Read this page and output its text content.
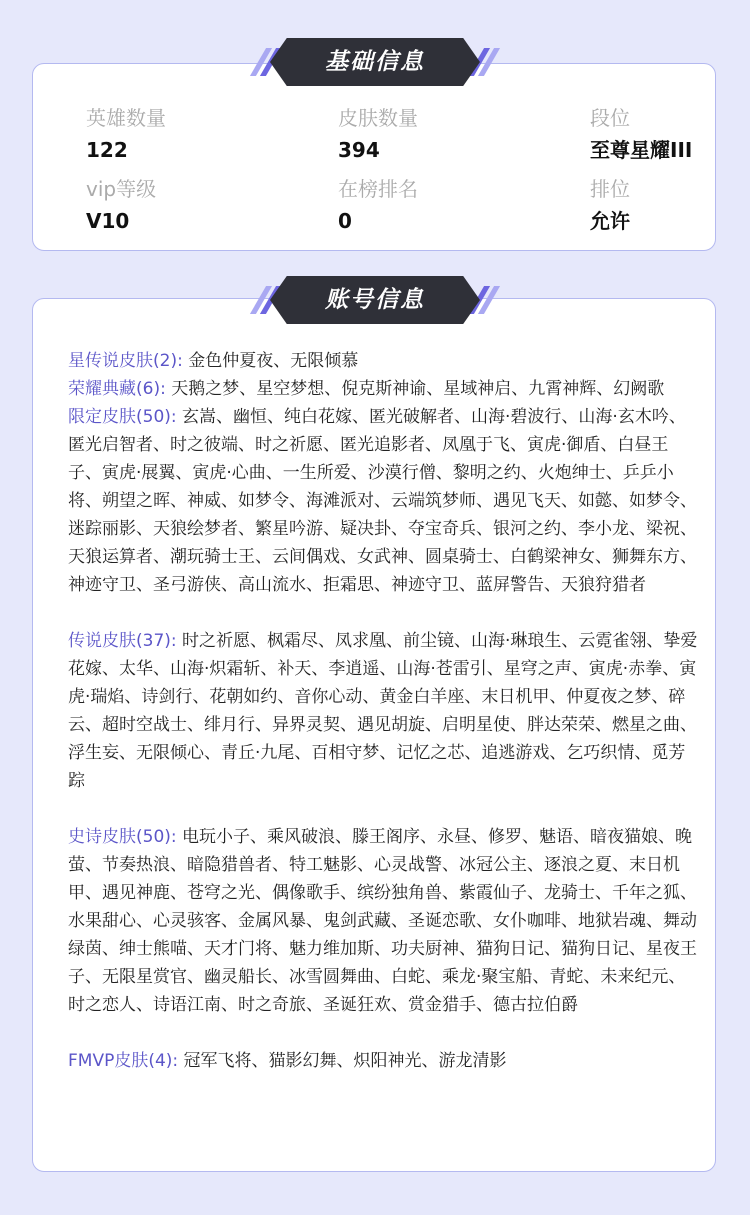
英雄数量
122
皮肤数量
394
段位
至尊星耀III
vip等级
V10
在榜排名
0
排位
允许
基础信息
账号信息

星传说皮肤(2): 金色仲夏夜、无限倾慕

荣耀典藏(6): 天鹅之梦、星空梦想、倪克斯神谕、星域神启、九霄神辉、幻阙歌

限定皮肤(50): 玄嵩、幽恒、纯白花嫁、匿光破解者、山海·碧波行、山海·玄木吟、匿光启智者、时之彼端、时之祈愿、匿光追影者、凤凰于飞、寅虎·御盾、白昼王子、寅虎·展翼、寅虎·心曲、一生所爱、沙漠行僧、黎明之约、火炮绅士、乒乒小将、朔望之晖、神威、如梦令、海滩派对、云端筑梦师、遇见飞天、如懿、如梦令、迷踪丽影、天狼绘梦者、繁星吟游、疑决卦、夺宝奇兵、银河之约、李小龙、梁祝、天狼运算者、潮玩骑士王、云间偶戏、女武神、圆桌骑士、白鹤梁神女、狮舞东方、神迹守卫、圣弓游侠、高山流水、拒霜思、神迹守卫、蓝屏警告、天狼狩猎者

传说皮肤(37): 时之祈愿、枫霜尽、凤求凰、前尘镜、山海·琳琅生、云霓雀翎、挚爱花嫁、太华、山海·炽霜斩、补天、李逍遥、山海·苍雷引、星穹之声、寅虎·赤拳、寅虎·瑞焰、诗剑行、花朝如约、音你心动、黄金白羊座、末日机甲、仲夏夜之梦、碎云、超时空战士、绯月行、异界灵契、遇见胡旋、启明星使、胖达荣荣、燃星之曲、浮生妄、无限倾心、青丘·九尾、百相守梦、记忆之芯、追逃游戏、乞巧织情、觅芳踪

史诗皮肤(50): 电玩小子、乘风破浪、滕王阁序、永昼、修罗、魅语、暗夜猫娘、晚萤、节奏热浪、暗隐猎兽者、特工魅影、心灵战警、冰冠公主、逐浪之夏、末日机甲、遇见神鹿、苍穹之光、偶像歌手、缤纷独角兽、紫霞仙子、龙骑士、千年之狐、水果甜心、心灵骇客、金属风暴、鬼剑武藏、圣诞恋歌、女仆咖啡、地狱岩魂、舞动绿茵、绅士熊喵、天才门将、魅力维加斯、功夫厨神、猫狗日记、猫狗日记、星夜王子、无限星赏官、幽灵船长、冰雪圆舞曲、白蛇、乘龙·聚宝船、青蛇、未来纪元、时之恋人、诗语江南、时之奇旅、圣诞狂欢、赏金猎手、德古拉伯爵

FMVP皮肤(4): 冠军飞将、猫影幻舞、炽阳神光、游龙清影
